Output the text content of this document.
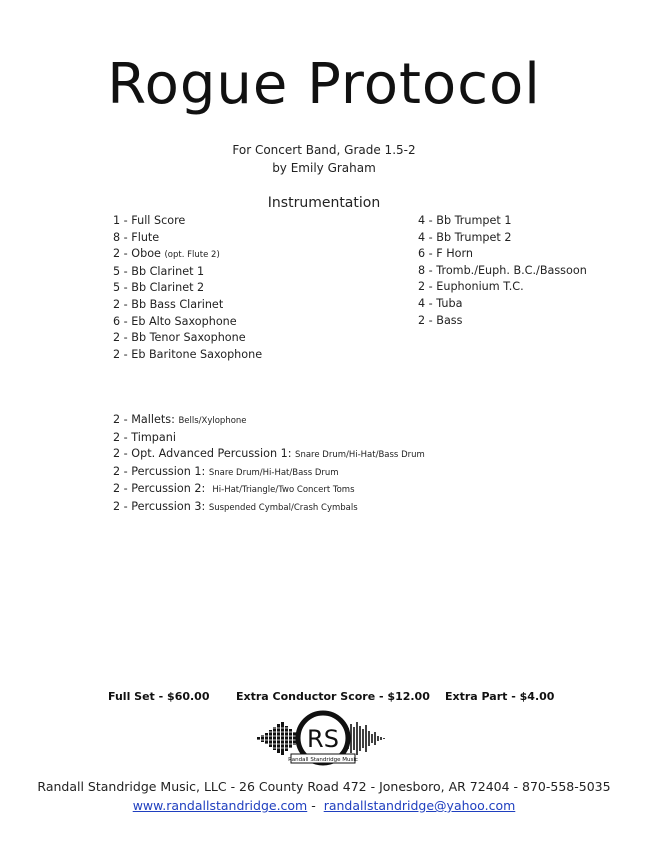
Rogue Protocol
For Concert Band, Grade 1.5-2
by Emily Graham
Instrumentation
1 - Full Score
8 - Flute
2 - Oboe (opt. Flute 2)
5 - Bb Clarinet 1
5 - Bb Clarinet 2
2 - Bb Bass Clarinet
6 - Eb Alto Saxophone
2 - Bb Tenor Saxophone
2 - Eb Baritone Saxophone
4 - Bb Trumpet 1
4 - Bb Trumpet 2
6 - F Horn
8 - Tromb./Euph. B.C./Bassoon
2 - Euphonium T.C.
4 - Tuba
2 - Bass
2 - Mallets: Bells/Xylophone
2 - Timpani
2 - Opt. Advanced Percussion 1: Snare Drum/Hi-Hat/Bass Drum
2 - Percussion 1: Snare Drum/Hi-Hat/Bass Drum
2 - Percussion 2: Hi-Hat/Triangle/Two Concert Toms
2 - Percussion 3: Suspended Cymbal/Crash Cymbals
Full Set - $60.00 Extra Conductor Score - $12.00 Extra Part - $4.00
RS
Randall Standridge Music
Randall Standridge Music, LLC - 26 County Road 472 - Jonesboro, AR 72404 - 870-558-5035
www.randallstandridge.com -  randallstandridge@yahoo.com
